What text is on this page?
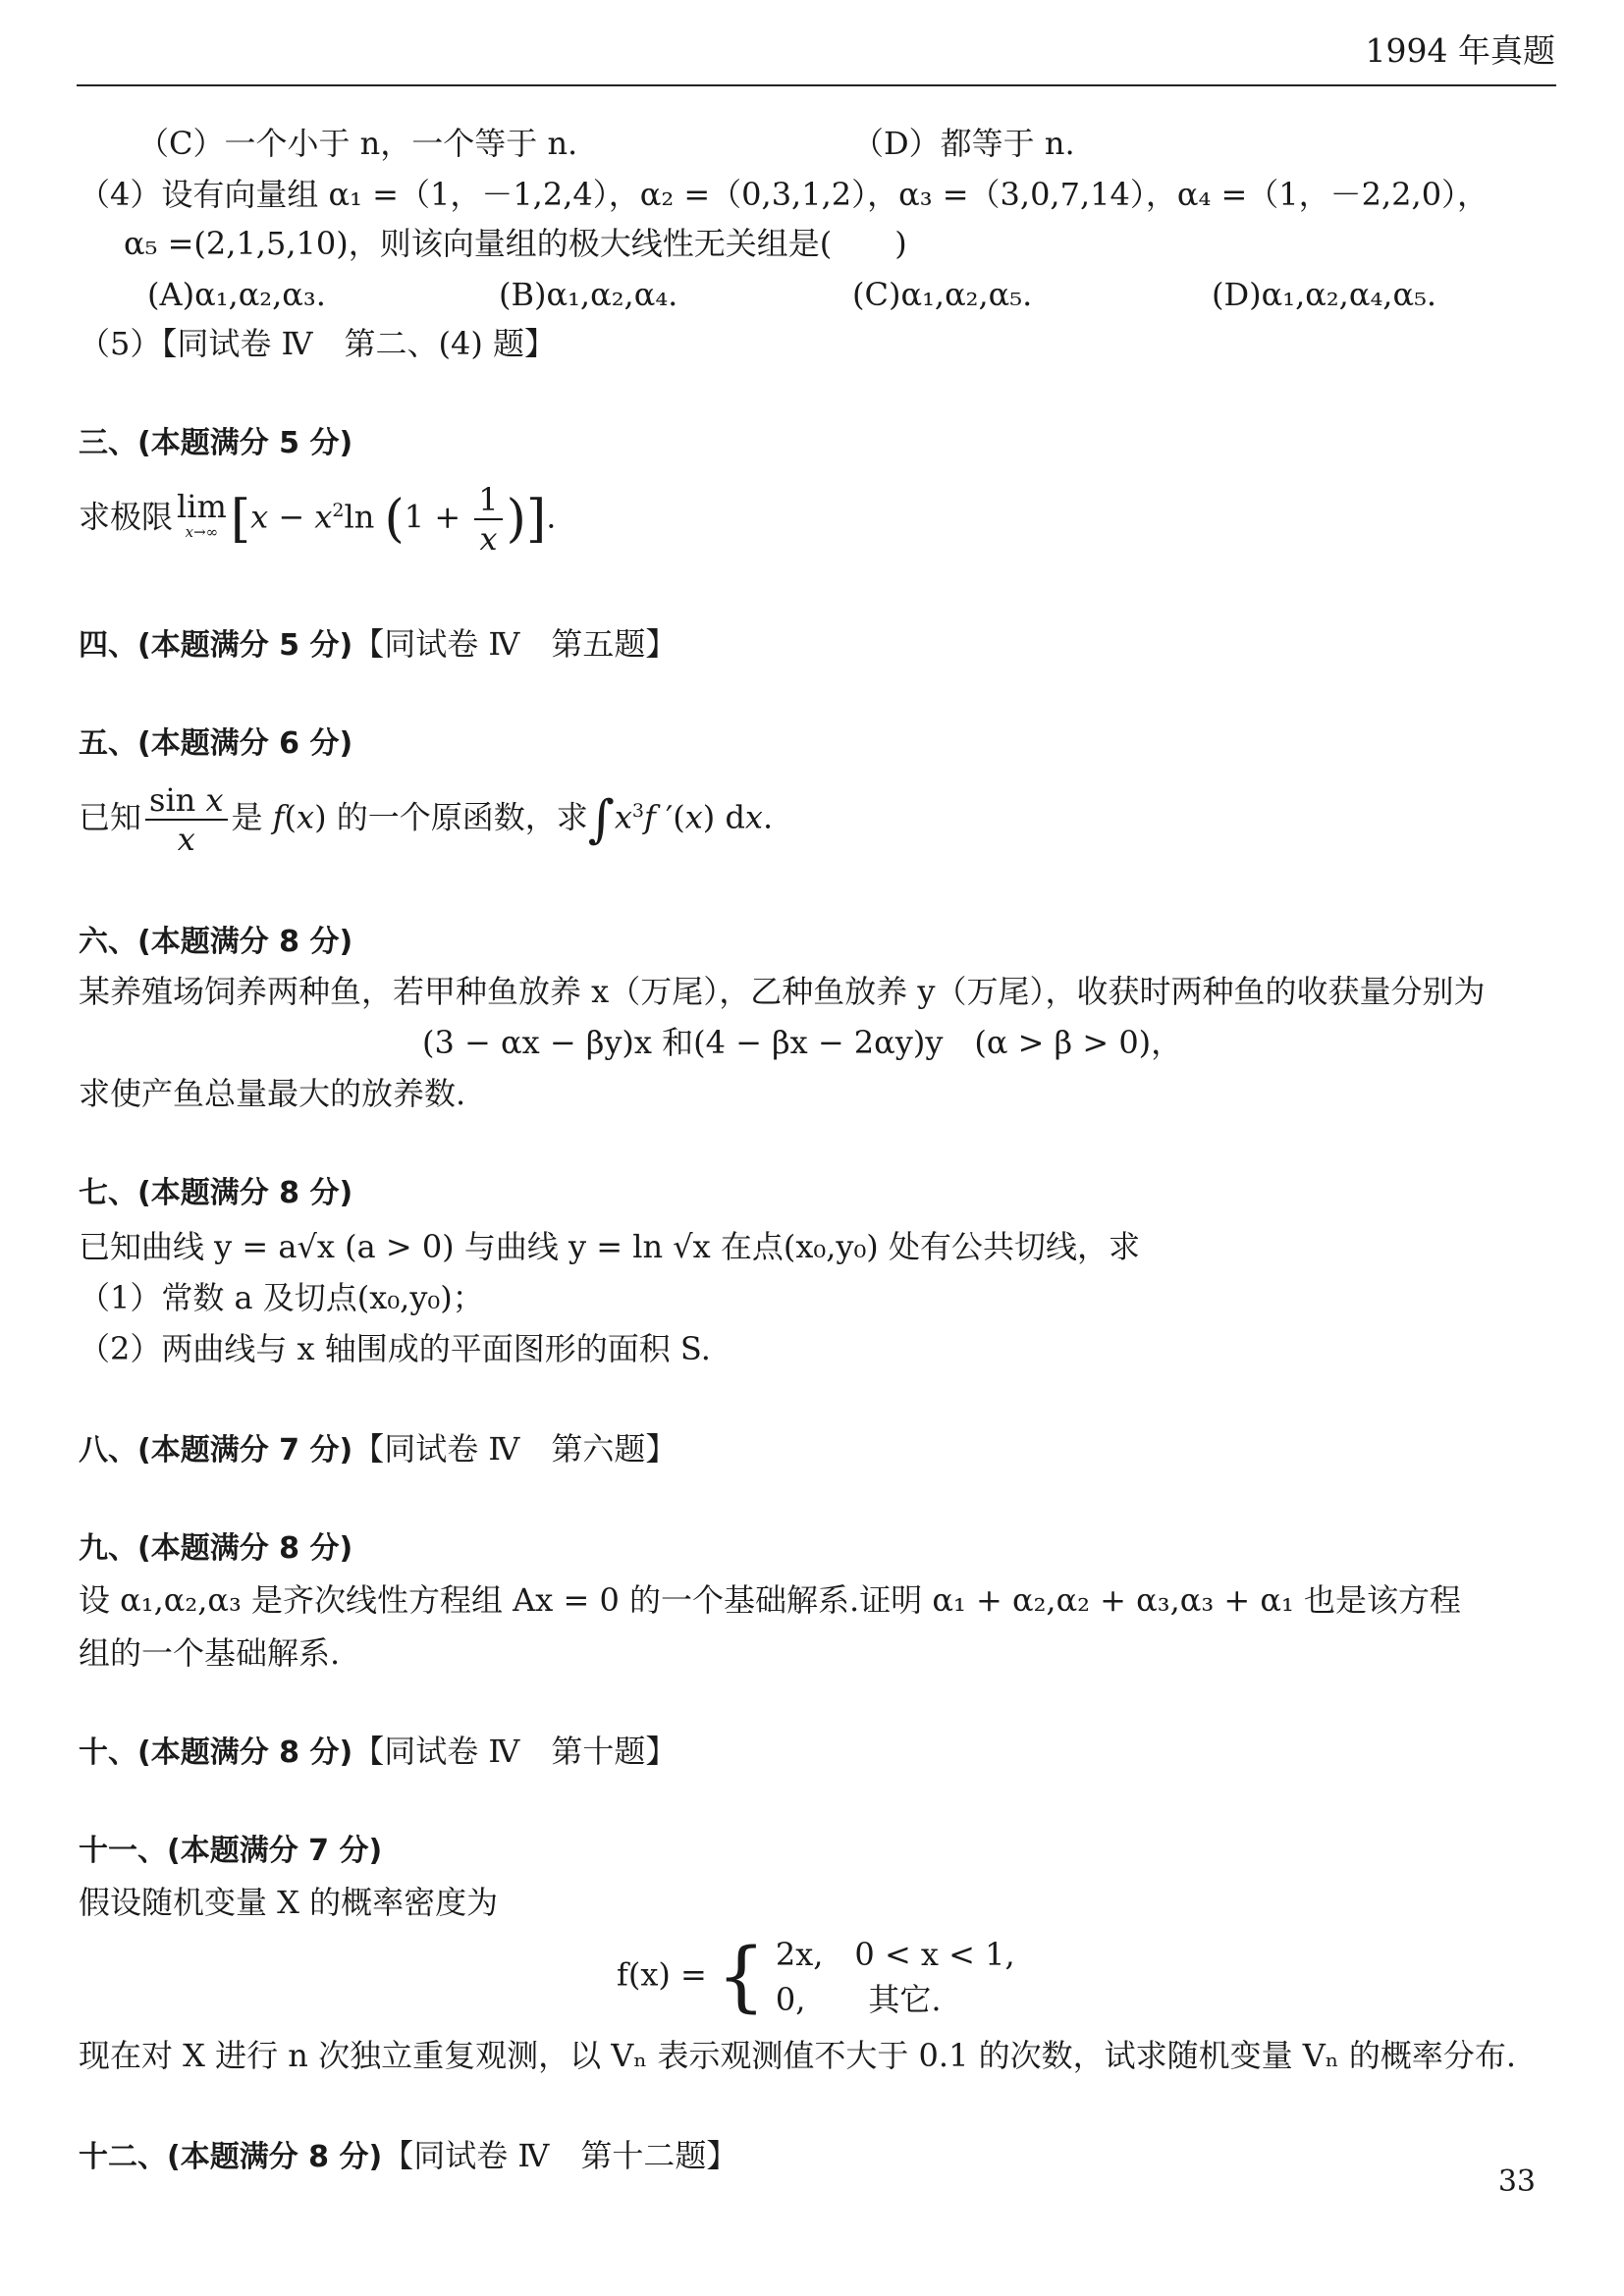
1994 年真题
（C）一个小于 n，一个等于 n.	（D）都等于 n.
（4）设有向量组 α₁ =（1，－1,2,4），α₂ =（0,3,1,2），α₃ =（3,0,7,14），α₄ =（1，－2,2,0），
α₅ =(2,1,5,10)，则该向量组的极大线性无关组是(　　)
(A)α₁,α₂,α₃.	(B)α₁,α₂,α₄.	(C)α₁,α₂,α₅.	(D)α₁,α₂,α₄,α₅.
（5）【同试卷 Ⅳ　第二、(4) 题】
三、(本题满分 5 分)
求极限 lim
x→∞ [$x - x^2\ln$ ($1 + \frac{1}{x}$ )].
四、(本题满分 5 分)【同试卷 Ⅳ　第五题】
五、(本题满分 6 分)
已知 $\frac{\text{sin x}}{x}$ 是 f(x) 的一个原函数，求$\int x^3f$ ′(x) dx.
六、(本题满分 8 分)
某养殖场饲养两种鱼，若甲种鱼放养 x（万尾），乙种鱼放养 y（万尾），收获时两种鱼的收获量分别为
(3 − αx − βy)x 和(4 − βx − 2αy)y　(α > β > 0)，
求使产鱼总量最大的放养数.
七、(本题满分 8 分)
已知曲线 y = a√x (a > 0) 与曲线 y = ln √x 在点(x₀,y₀) 处有公共切线，求
（1）常数 a 及切点(x₀,y₀)；
（2）两曲线与 x 轴围成的平面图形的面积 S.
八、(本题满分 7 分)【同试卷 Ⅳ　第六题】
九、(本题满分 8 分)
设 α₁,α₂,α₃ 是齐次线性方程组 Ax = 0 的一个基础解系.证明 α₁ + α₂,α₂ + α₃,α₃ + α₁ 也是该方程
组的一个基础解系.
十、(本题满分 8 分)【同试卷 Ⅳ　第十题】
十一、(本题满分 7 分)
假设随机变量 X 的概率密度为
f(x) = { 2x,　0 < x < 1,
0,　　其它.
现在对 X 进行 n 次独立重复观测，以 Vₙ 表示观测值不大于 0.1 的次数，试求随机变量 Vₙ 的概率分布.
十二、(本题满分 8 分)【同试卷 Ⅳ　第十二题】
33
